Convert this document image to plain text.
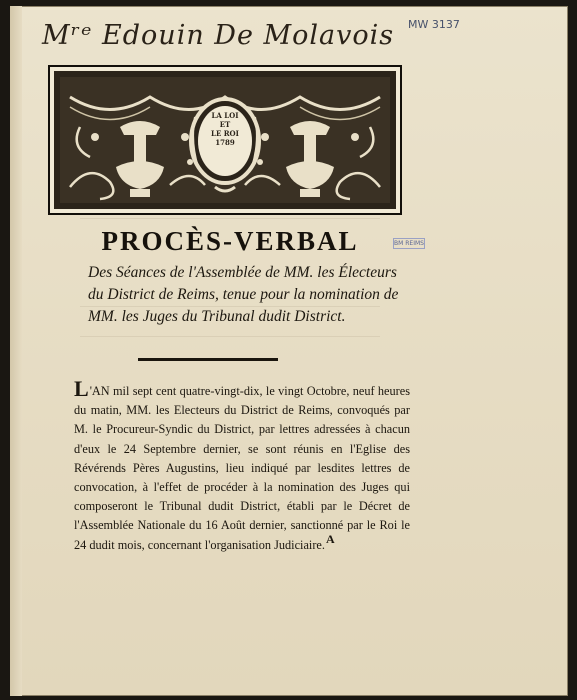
Mʳᵉ Edouin De Molavois MW 3137
BM REIMS
LA LOI
ET
LE ROI
1789
PROCÈS-VERBAL
Des Séances de l'Assemblée de MM. les Électeurs du District de Reims, tenue pour la nomination de MM. les Juges du Tribunal dudit District.
L'AN mil sept cent quatre-vingt-dix, le vingt Octobre, neuf heures du matin, MM. les Electeurs du District de Reims, convoqués par M. le Procureur-Syndic du District, par lettres adressées à chacun d'eux le 24 Septembre dernier, se sont réunis en l'Eglise des Révérends Pères Augustins, lieu indiqué par lesdites lettres de convocation, à l'effet de procéder à la nomination des Juges qui composeront le Tribunal dudit District, établi par le Décret de l'Assemblée Nationale du 16 Août dernier, sanctionné par le Roi le 24 dudit mois, concernant l'organisation Judiciaire. A
